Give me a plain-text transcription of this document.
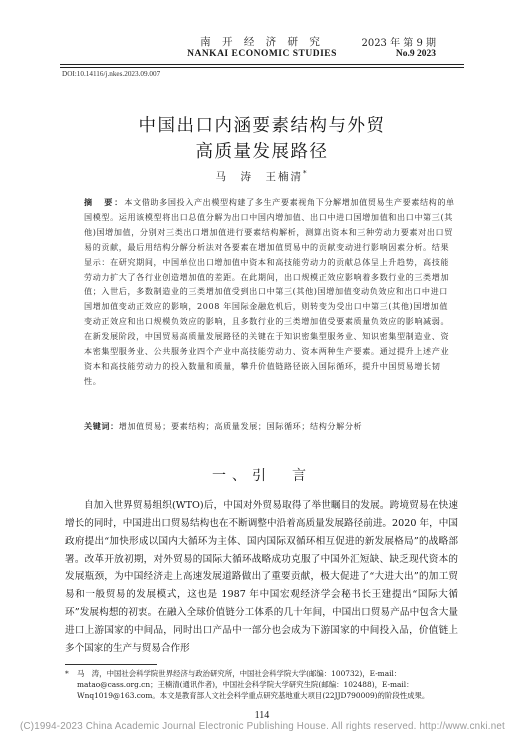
南 开 经 济 研 究	2023 年 第 9 期
NANKAI ECONOMIC STUDIES	No.9 2023
DOI:10.14116/j.nkes.2023.09.007
中国出口内涵要素结构与外贸
高质量发展路径
马　涛　王楠清*
摘　要：本文借助多国投入产出模型构建了多生产要素视角下分解增加值贸易生产要素结构的单国模型。运用该模型将出口总值分解为出口中国内增加值、出口中进口国增加值和出口中第三(其他)国增加值，分别对三类出口增加值进行要素结构解析，测算出资本和三种劳动力要素对出口贸易的贡献，最后用结构分解分析法对各要素在增加值贸易中的贡献变动进行影响因素分析。结果显示：在研究期间，中国单位出口增加值中资本和高技能劳动力的贡献总体呈上升趋势，高技能劳动力扩大了各行业创造增加值的差距。在此期间，出口规模正效应影响着多数行业的三类增加值；入世后，多数制造业的三类增加值受到出口中第三(其他)国增加值变动负效应和出口中进口国增加值变动正效应的影响，2008 年国际金融危机后，则转变为受出口中第三(其他)国增加值变动正效应和出口规模负效应的影响，且多数行业的三类增加值受要素质量负效应的影响减弱。在新发展阶段，中国贸易高质量发展路径的关键在于知识密集型服务业、知识密集型制造业、资本密集型服务业、公共服务业四个产业中高技能劳动力、资本两种生产要素。通过提升上述产业资本和高技能劳动力的投入数量和质量，攀升价值链路径嵌入国际循环，提升中国贸易增长韧性。
关键词：增加值贸易；要素结构；高质量发展；国际循环；结构分解分析
一、引　言
自加入世界贸易组织(WTO)后，中国对外贸易取得了举世瞩目的发展。跨境贸易在快速增长的同时，中国进出口贸易结构也在不断调整中沿着高质量发展路径前进。2020 年，中国政府提出“加快形成以国内大循环为主体、国内国际双循环相互促进的新发展格局”的战略部署。改革开放初期，对外贸易的国际大循环战略成功克服了中国外汇短缺、缺乏现代资本的发展瓶颈，为中国经济走上高速发展道路做出了重要贡献，极大促进了“大进大出”的加工贸易和一般贸易的发展模式，这也是 1987 年中国宏观经济学会秘书长王建提出“国际大循环”发展构想的初衷。在融入全球价值链分工体系的几十年间，中国出口贸易产品中包含大量进口上游国家的中间品，同时出口产品中一部分也会成为下游国家的中间投入品，价值链上多个国家的生产与贸易合作形
*	马　涛，中国社会科学院世界经济与政治研究所，中国社会科学院大学(邮编：100732)，E-mail：matao@cass.org.cn；王楠清(通讯作者)，中国社会科学院大学研究生院(邮编：102488)，E-mail：Wnq1019@163.com。本文是教育部人文社会科学重点研究基地重大项目(22JJD790009)的阶段性成果。
114
(C)1994-2023 China Academic Journal Electronic Publishing House. All rights reserved. http://www.cnki.net
